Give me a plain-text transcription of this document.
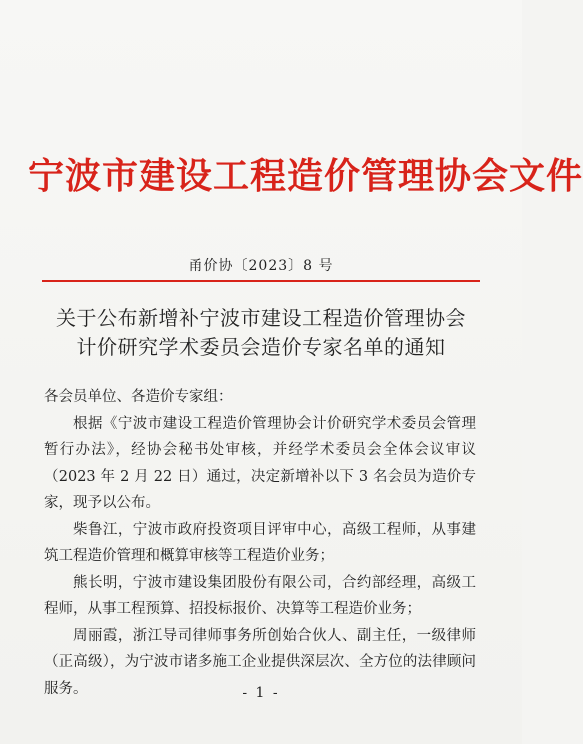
宁波市建设工程造价管理协会文件
甬价协〔2023〕8 号
关于公布新增补宁波市建设工程造价管理协会
计价研究学术委员会造价专家名单的通知

各会员单位、各造价专家组：

根据《宁波市建设工程造价管理协会计价研究学术委员会管理暂行办法》，经协会秘书处审核，并经学术委员会全体会议审议（2023 年 2 月 22 日）通过，决定新增补以下 3 名会员为造价专家，现予以公布。

柴鲁江，宁波市政府投资项目评审中心，高级工程师，从事建筑工程造价管理和概算审核等工程造价业务；

熊长明，宁波市建设集团股份有限公司，合约部经理，高级工程师，从事工程预算、招投标报价、决算等工程造价业务；

周丽霞，浙江导司律师事务所创始合伙人、副主任，一级律师（正高级），为宁波市诸多施工企业提供深层次、全方位的法律顾问服务。	- 1 -
